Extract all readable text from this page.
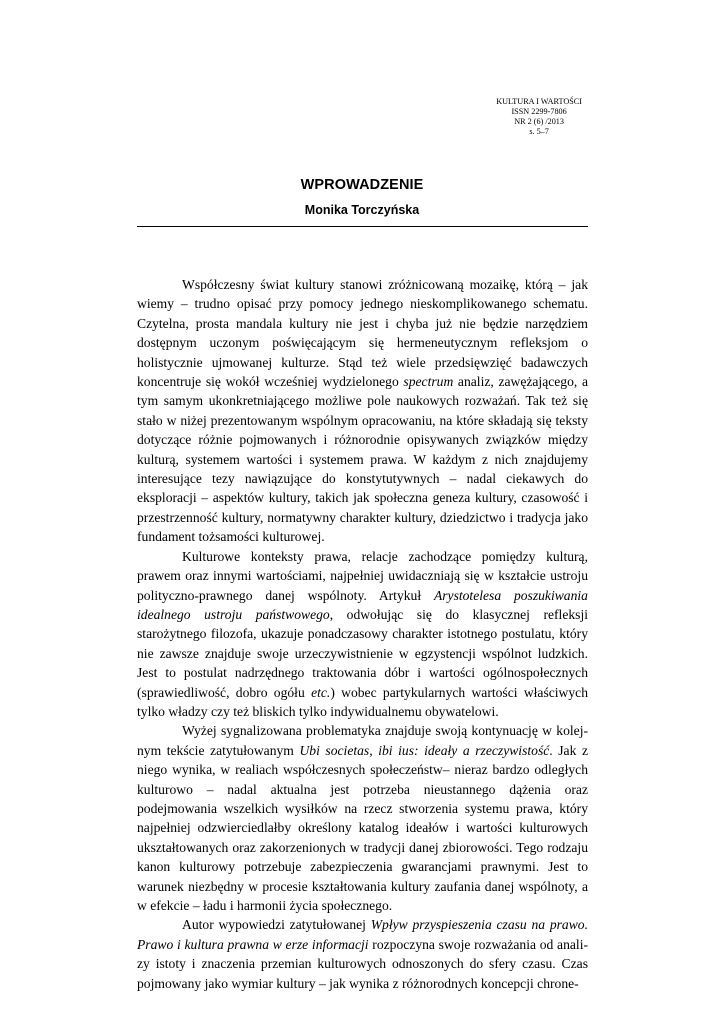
KULTURA I WARTOŚCI
ISSN 2299-7806
NR 2 (6) /2013
s. 5–7
WPROWADZENIE
Monika Torczyńska

Współczesny świat kultury stanowi zróżnicowaną mozaikę, którą – jak wiemy – trudno opisać przy pomocy jednego nieskomplikowanego schematu. Czytelna, prosta mandala kultury nie jest i chyba już nie będzie narzędziem dostępnym uczonym poświęcającym się hermeneutycznym refleksjom o holistycznie ujmowanej kulturze. Stąd też wiele przedsięwzięć badawczych koncentruje się wokół wcześniej wydzielonego spectrum analiz, zawężającego, a tym samym ukonkretniającego możliwe pole naukowych rozważań. Tak też się stało w niżej prezentowanym wspólnym opracowaniu, na które składają się teksty dotyczące różnie pojmowanych i różnorodnie opisywanych związków między kulturą, systemem wartości i systemem prawa. W każdym z nich znajdujemy interesujące tezy nawiązujące do konstytutywnych – nadal ciekawych do eksploracji – aspektów kultury, takich jak społeczna geneza kultury, czasowość i przestrzenność kultury, normatywny charakter kultury, dziedzictwo i tradycja jako fundament tożsamości kulturowej.

Kulturowe konteksty prawa, relacje zachodzące pomiędzy kulturą, prawem oraz innymi wartościami, najpełniej uwidaczniają się w kształcie ustroju polityczno-prawnego danej wspólnoty. Artykuł Arystotelesa poszukiwania idealnego ustroju państwowego, odwołując się do klasycznej refleksji starożytnego filozofa, ukazuje ponadczasowy charakter istotnego postulatu, który nie zawsze znajduje swoje urzeczywistnienie w egzystencji wspólnot ludzkich. Jest to postulat nadrzędnego traktowania dóbr i wartości ogólnospołecznych (sprawiedliwość, dobro ogółu etc.) wobec partykularnych wartości właściwych tylko władzy czy też bliskich tylko indywidualnemu obywatelowi.

Wyżej sygnalizowana problematyka znajduje swoją kontynuację w kolejnym tekście zatytułowanym Ubi societas, ibi ius: ideały a rzeczywistość. Jak z niego wynika, w realiach współczesnych społeczeństw– nieraz bardzo odległych kulturowo – nadal aktualna jest potrzeba nieustannego dążenia oraz podejmowania wszelkich wysiłków na rzecz stworzenia systemu prawa, który najpełniej odzwierciedlałby określony katalog ideałów i wartości kulturowych ukształtowanych oraz zakorzenionych w tradycji danej zbiorowości. Tego rodzaju kanon kulturowy potrzebuje zabezpieczenia gwarancjami prawnymi. Jest to warunek niezbędny w procesie kształtowania kultury zaufania danej wspólnoty, a w efekcie – ładu i harmonii życia społecznego.

Autor wypowiedzi zatytułowanej Wpływ przyspieszenia czasu na prawo. Prawo i kultura prawna w erze informacji rozpoczyna swoje rozważania od analizy istoty i znaczenia przemian kulturowych odnoszonych do sfery czasu. Czas pojmowany jako wymiar kultury – jak wynika z różnorodnych koncepcji chrone-
